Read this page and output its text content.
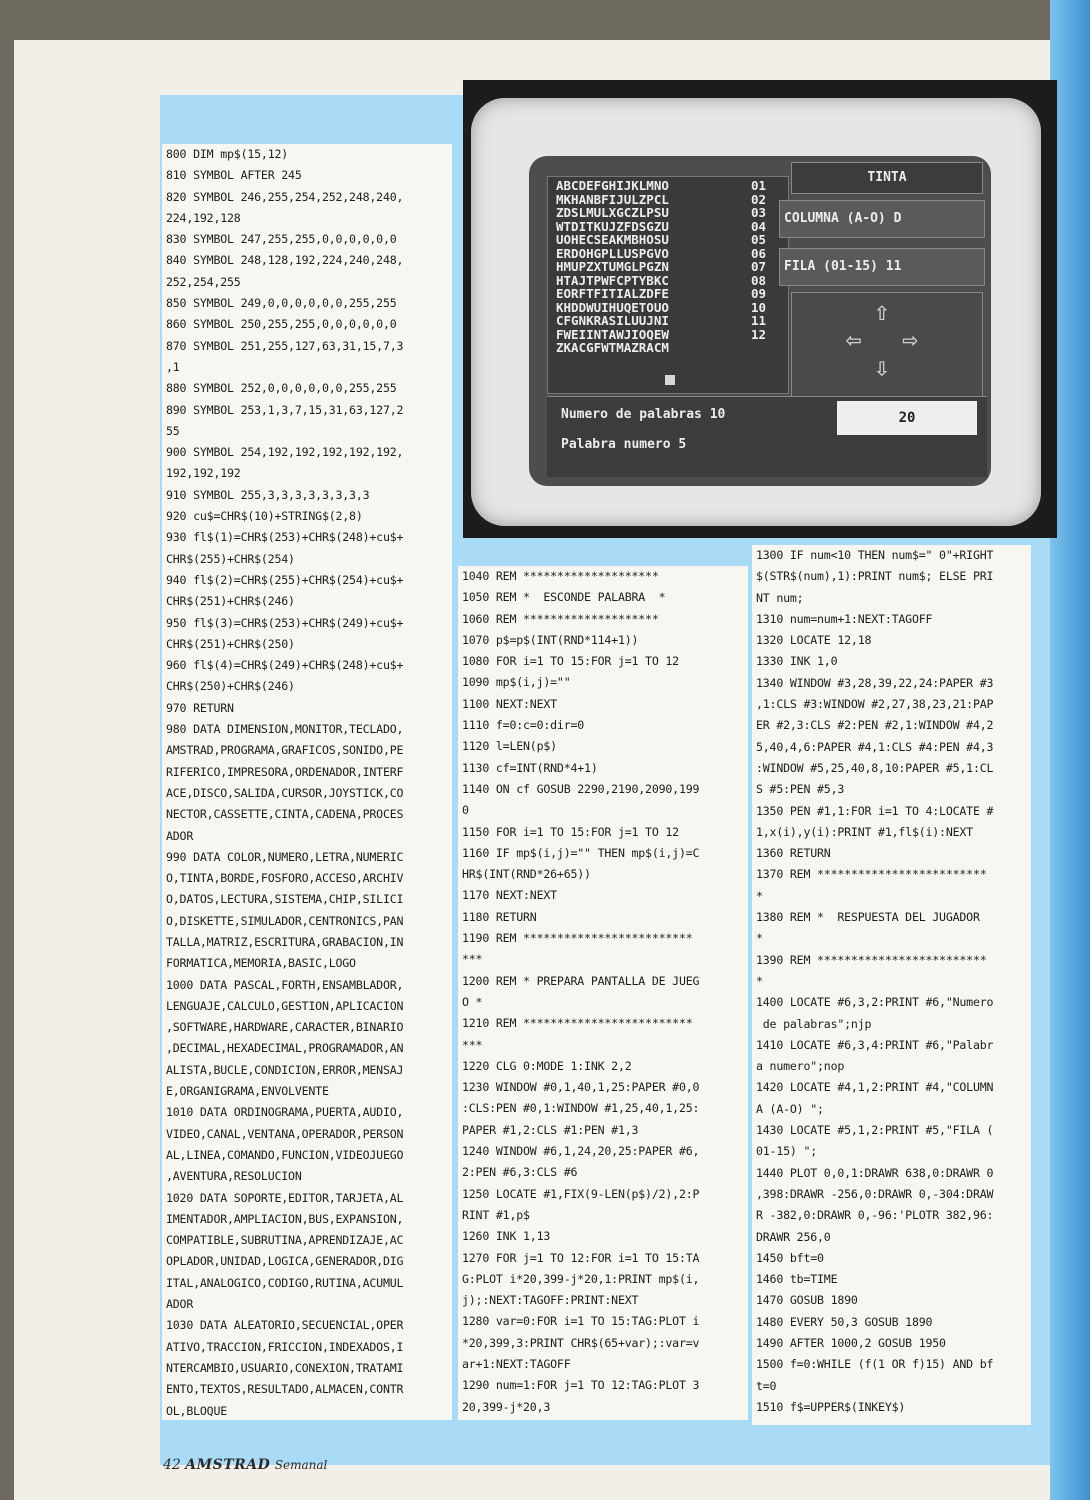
800 DIM mp$(15,12)
810 SYMBOL AFTER 245
820 SYMBOL 246,255,254,252,248,240,
224,192,128
830 SYMBOL 247,255,255,0,0,0,0,0,0
840 SYMBOL 248,128,192,224,240,248,
252,254,255
850 SYMBOL 249,0,0,0,0,0,0,255,255
860 SYMBOL 250,255,255,0,0,0,0,0,0
870 SYMBOL 251,255,127,63,31,15,7,3
,1
880 SYMBOL 252,0,0,0,0,0,0,255,255
890 SYMBOL 253,1,3,7,15,31,63,127,2
55
900 SYMBOL 254,192,192,192,192,192,
192,192,192
910 SYMBOL 255,3,3,3,3,3,3,3,3
920 cu$=CHR$(10)+STRING$(2,8)
930 fl$(1)=CHR$(253)+CHR$(248)+cu$+
CHR$(255)+CHR$(254)
940 fl$(2)=CHR$(255)+CHR$(254)+cu$+
CHR$(251)+CHR$(246)
950 fl$(3)=CHR$(253)+CHR$(249)+cu$+
CHR$(251)+CHR$(250)
960 fl$(4)=CHR$(249)+CHR$(248)+cu$+
CHR$(250)+CHR$(246)
970 RETURN
980 DATA DIMENSION,MONITOR,TECLADO,
AMSTRAD,PROGRAMA,GRAFICOS,SONIDO,PE
RIFERICO,IMPRESORA,ORDENADOR,INTERF
ACE,DISCO,SALIDA,CURSOR,JOYSTICK,CO
NECTOR,CASSETTE,CINTA,CADENA,PROCES
ADOR
990 DATA COLOR,NUMERO,LETRA,NUMERIC
O,TINTA,BORDE,FOSFORO,ACCESO,ARCHIV
O,DATOS,LECTURA,SISTEMA,CHIP,SILICI
O,DISKETTE,SIMULADOR,CENTRONICS,PAN
TALLA,MATRIZ,ESCRITURA,GRABACION,IN
FORMATICA,MEMORIA,BASIC,LOGO
1000 DATA PASCAL,FORTH,ENSAMBLADOR,
LENGUAJE,CALCULO,GESTION,APLICACION
,SOFTWARE,HARDWARE,CARACTER,BINARIO
,DECIMAL,HEXADECIMAL,PROGRAMADOR,AN
ALISTA,BUCLE,CONDICION,ERROR,MENSAJ
E,ORGANIGRAMA,ENVOLVENTE
1010 DATA ORDINOGRAMA,PUERTA,AUDIO,
VIDEO,CANAL,VENTANA,OPERADOR,PERSON
AL,LINEA,COMANDO,FUNCION,VIDEOJUEGO
,AVENTURA,RESOLUCION
1020 DATA SOPORTE,EDITOR,TARJETA,AL
IMENTADOR,AMPLIACION,BUS,EXPANSION,
COMPATIBLE,SUBRUTINA,APRENDIZAJE,AC
OPLADOR,UNIDAD,LOGICA,GENERADOR,DIG
ITAL,ANALOGICO,CODIGO,RUTINA,ACUMUL
ADOR
1030 DATA ALEATORIO,SECUENCIAL,OPER
ATIVO,TRACCION,FRICCION,INDEXADOS,I
NTERCAMBIO,USUARIO,CONEXION,TRATAMI
ENTO,TEXTOS,RESULTADO,ALMACEN,CONTR
OL,BLOQUE
1040 REM ********************
1050 REM *  ESCONDE PALABRA  *
1060 REM ********************
1070 p$=p$(INT(RND*114+1))
1080 FOR i=1 TO 15:FOR j=1 TO 12
1090 mp$(i,j)=""
1100 NEXT:NEXT
1110 f=0:c=0:dir=0
1120 l=LEN(p$)
1130 cf=INT(RND*4+1)
1140 ON cf GOSUB 2290,2190,2090,199
0
1150 FOR i=1 TO 15:FOR j=1 TO 12
1160 IF mp$(i,j)="" THEN mp$(i,j)=C
HR$(INT(RND*26+65))
1170 NEXT:NEXT
1180 RETURN
1190 REM *************************
***
1200 REM * PREPARA PANTALLA DE JUEG
O *
1210 REM *************************
***
1220 CLG 0:MODE 1:INK 2,2
1230 WINDOW #0,1,40,1,25:PAPER #0,0
:CLS:PEN #0,1:WINDOW #1,25,40,1,25:
PAPER #1,2:CLS #1:PEN #1,3
1240 WINDOW #6,1,24,20,25:PAPER #6,
2:PEN #6,3:CLS #6
1250 LOCATE #1,FIX(9-LEN(p$)/2),2:P
RINT #1,p$
1260 INK 1,13
1270 FOR j=1 TO 12:FOR i=1 TO 15:TA
G:PLOT i*20,399-j*20,1:PRINT mp$(i,
j);:NEXT:TAGOFF:PRINT:NEXT
1280 var=0:FOR i=1 TO 15:TAG:PLOT i
*20,399,3:PRINT CHR$(65+var);:var=v
ar+1:NEXT:TAGOFF
1290 num=1:FOR j=1 TO 12:TAG:PLOT 3
20,399-j*20,3
1300 IF num<10 THEN num$=" 0"+RIGHT
$(STR$(num),1):PRINT num$; ELSE PRI
NT num;
1310 num=num+1:NEXT:TAGOFF
1320 LOCATE 12,18
1330 INK 1,0
1340 WINDOW #3,28,39,22,24:PAPER #3
,1:CLS #3:WINDOW #2,27,38,23,21:PAP
ER #2,3:CLS #2:PEN #2,1:WINDOW #4,2
5,40,4,6:PAPER #4,1:CLS #4:PEN #4,3
:WINDOW #5,25,40,8,10:PAPER #5,1:CL
S #5:PEN #5,3
1350 PEN #1,1:FOR i=1 TO 4:LOCATE #
1,x(i),y(i):PRINT #1,fl$(i):NEXT
1360 RETURN
1370 REM *************************
*
1380 REM *  RESPUESTA DEL JUGADOR
*
1390 REM *************************
*
1400 LOCATE #6,3,2:PRINT #6,"Numero
de palabras";njp
1410 LOCATE #6,3,4:PRINT #6,"Palabr
a numero";nop
1420 LOCATE #4,1,2:PRINT #4,"COLUMN
A (A-O) ";
1430 LOCATE #5,1,2:PRINT #5,"FILA (
01-15) ";
1440 PLOT 0,0,1:DRAWR 638,0:DRAWR 0
,398:DRAWR -256,0:DRAWR 0,-304:DRAW
R -382,0:DRAWR 0,-96:'PLOTR 382,96:
DRAWR 256,0
1450 bft=0
1460 tb=TIME
1470 GOSUB 1890
1480 EVERY 50,3 GOSUB 1890
1490 AFTER 1000,2 GOSUB 1950
1500 f=0:WHILE (f(1 OR f)15) AND bf
t=0
1510 f$=UPPER$(INKEY$)
ABCDEFGHIJKLMNO
MKHANBFIJULZPCL
ZDSLMULXGCZLPSU
WTDITKUJZFDSGZU
UOHECSEAKMBHOSU
ERDOHGPLLUSPGVO
HMUPZXTUMGLPGZN
HTAJTPWFCPTYBKC
EORFTFITIALZDFE
KHDDWUIHUQETOUO
CFGNKRASILUUJNI
FWEIINTAWJIOQEW
ZKACGFWTMAZRACM
01
02
03
04
05
06
07
08
09
10
11
12
TINTA
COLUMNA (A-O) D
FILA (01-15) 11
⇧
⇦ ⇨
⇩
Numero de palabras 10
Palabra numero 5
20
42 AMSTRAD Semanal
